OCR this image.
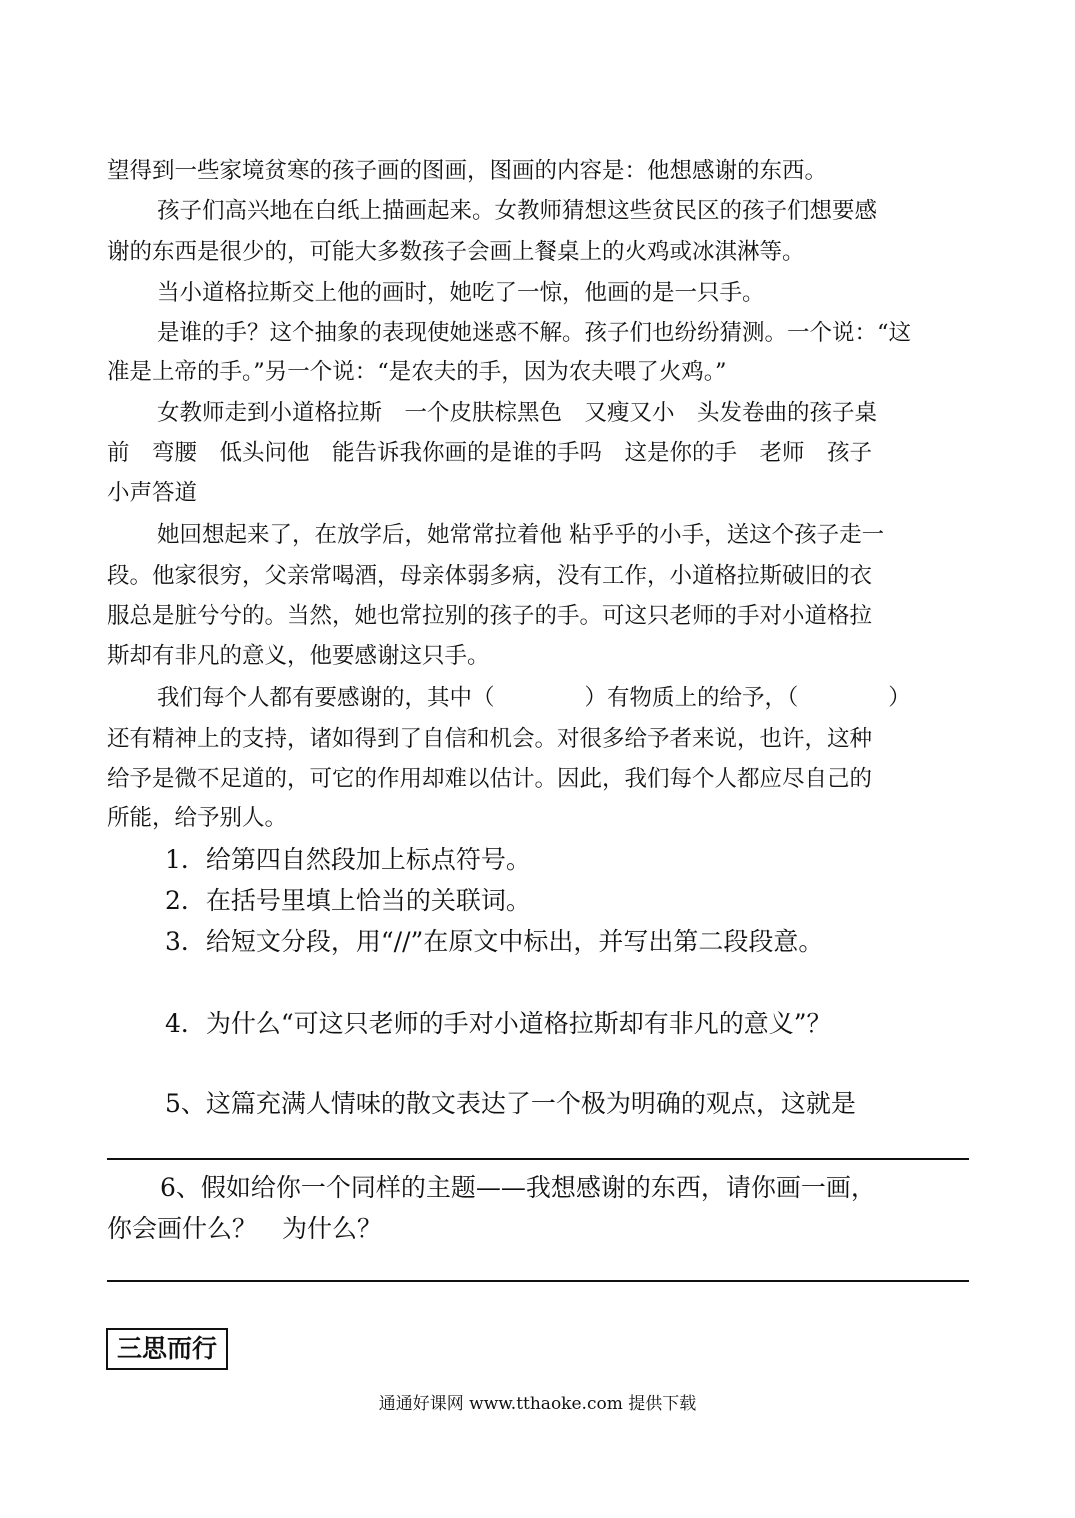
望得到一些家境贫寒的孩子画的图画，图画的内容是：他想感谢的东西。
孩子们高兴地在白纸上描画起来。女教师猜想这些贫民区的孩子们想要感
谢的东西是很少的，可能大多数孩子会画上餐桌上的火鸡或冰淇淋等。
当小道格拉斯交上他的画时，她吃了一惊，他画的是一只手。
是谁的手？这个抽象的表现使她迷惑不解。孩子们也纷纷猜测。一个说：“这
准是上帝的手。”另一个说：“是农夫的手，因为农夫喂了火鸡。”
女教师走到小道格拉斯　一个皮肤棕黑色　又瘦又小　头发卷曲的孩子桌
前　弯腰　低头问他　能告诉我你画的是谁的手吗　这是你的手　老师　孩子
小声答道
她回想起来了，在放学后，她常常拉着他 粘乎乎的小手，送这个孩子走一
段。他家很穷，父亲常喝酒，母亲体弱多病，没有工作，小道格拉斯破旧的衣
服总是脏兮兮的。当然，她也常拉别的孩子的手。可这只老师的手对小道格拉
斯却有非凡的意义，他要感谢这只手。
我们每个人都有要感谢的，其中（　　　　）有物质上的给予，（　　　　）
还有精神上的支持，诸如得到了自信和机会。对很多给予者来说，也许，这种
给予是微不足道的，可它的作用却难以估计。因此，我们每个人都应尽自己的
所能，给予别人。
1．给第四自然段加上标点符号。
2．在括号里填上恰当的关联词。
3．给短文分段，用“//”在原文中标出，并写出第二段段意。
4．为什么“可这只老师的手对小道格拉斯却有非凡的意义”？
5、这篇充满人情味的散文表达了一个极为明确的观点，这就是
6、假如给你一个同样的主题——我想感谢的东西，请你画一画，
你会画什么？　为什么？
三思而行
通通好课网 www.tthaoke.com 提供下载
